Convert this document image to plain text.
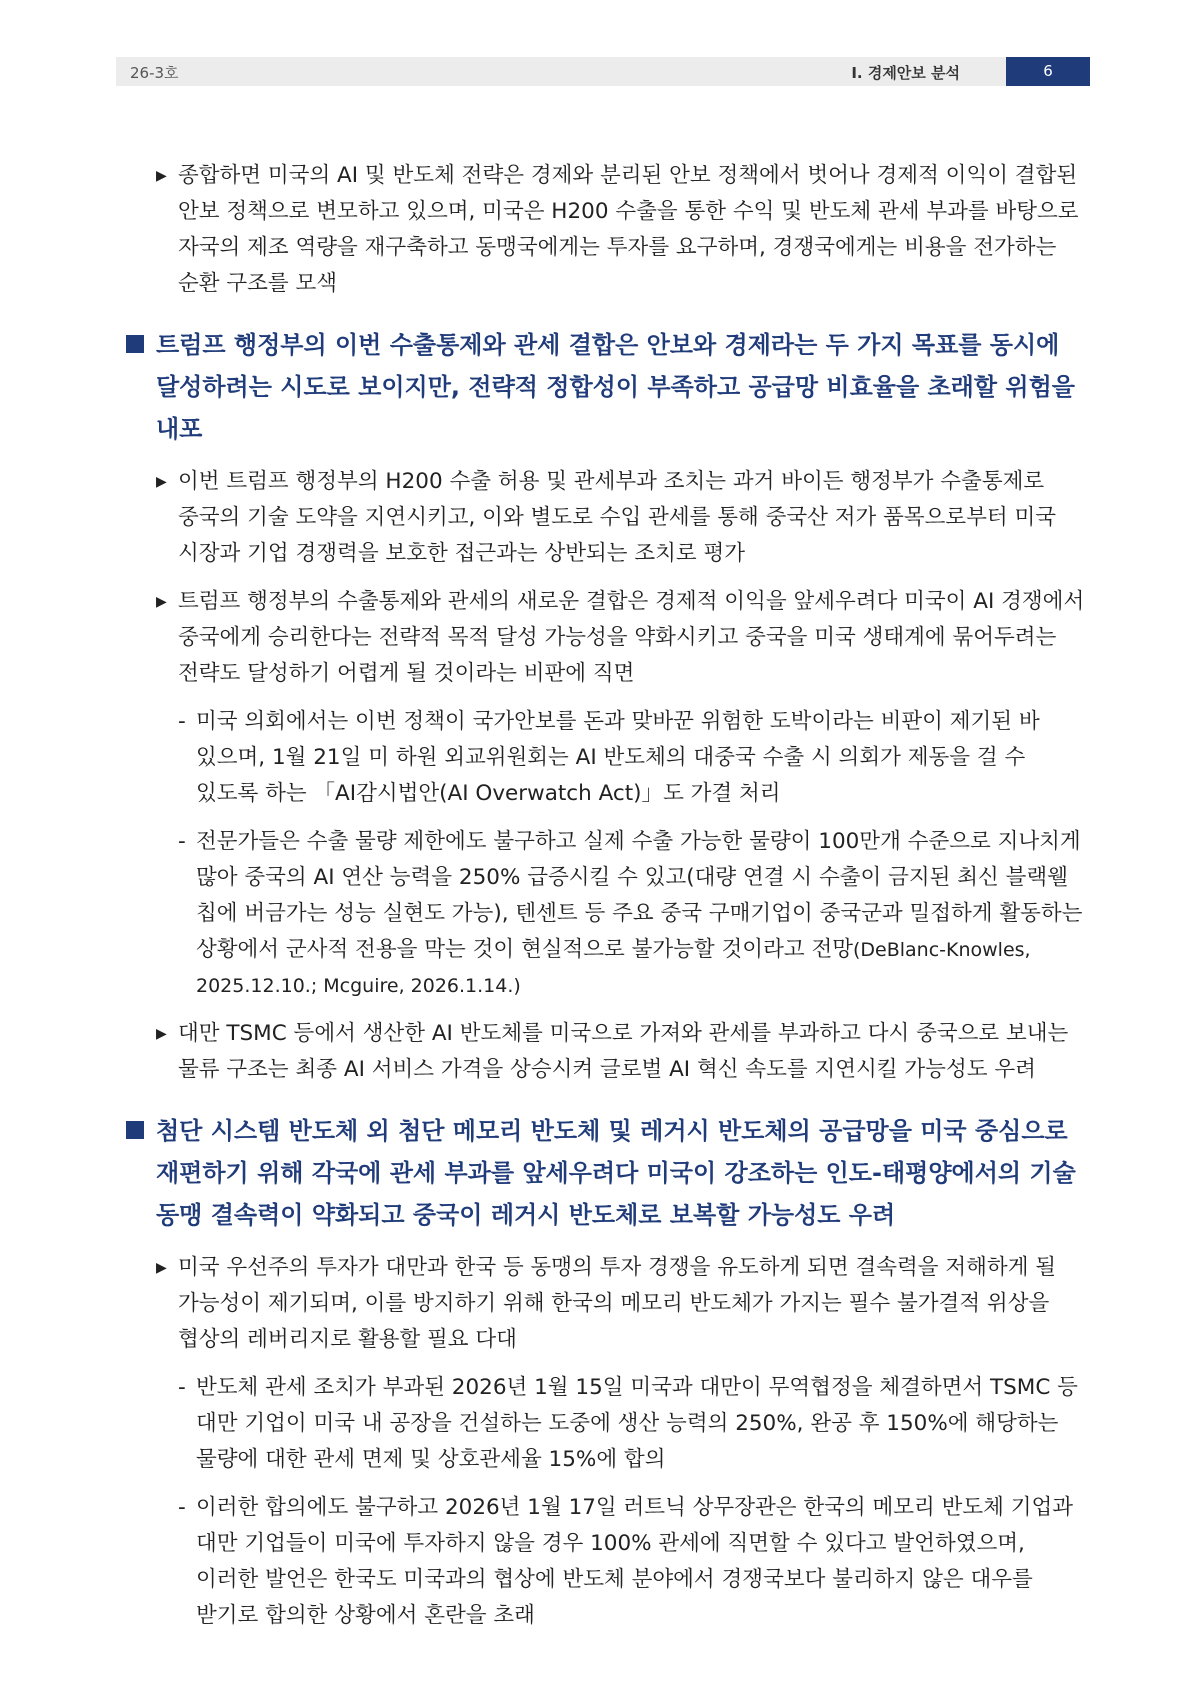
26-3호	Ⅰ. 경제안보 분석	6
▶ 종합하면 미국의 AI 및 반도체 전략은 경제와 분리된 안보 정책에서 벗어나 경제적 이익이 결합된 안보 정책으로 변모하고 있으며, 미국은 H200 수출을 통한 수익 및 반도체 관세 부과를 바탕으로 자국의 제조 역량을 재구축하고 동맹국에게는 투자를 요구하며, 경쟁국에게는 비용을 전가하는 순환 구조를 모색
트럼프 행정부의 이번 수출통제와 관세 결합은 안보와 경제라는 두 가지 목표를 동시에 달성하려는 시도로 보이지만, 전략적 정합성이 부족하고 공급망 비효율을 초래할 위험을 내포
▶ 이번 트럼프 행정부의 H200 수출 허용 및 관세부과 조치는 과거 바이든 행정부가 수출통제로 중국의 기술 도약을 지연시키고, 이와 별도로 수입 관세를 통해 중국산 저가 품목으로부터 미국 시장과 기업 경쟁력을 보호한 접근과는 상반되는 조치로 평가
▶ 트럼프 행정부의 수출통제와 관세의 새로운 결합은 경제적 이익을 앞세우려다 미국이 AI 경쟁에서 중국에게 승리한다는 전략적 목적 달성 가능성을 약화시키고 중국을 미국 생태계에 묶어두려는 전략도 달성하기 어렵게 될 것이라는 비판에 직면
- 미국 의회에서는 이번 정책이 국가안보를 돈과 맞바꾼 위험한 도박이라는 비판이 제기된 바 있으며, 1월 21일 미 하원 외교위원회는 AI 반도체의 대중국 수출 시 의회가 제동을 걸 수 있도록 하는 「AI감시법안(AI Overwatch Act)」도 가결 처리
- 전문가들은 수출 물량 제한에도 불구하고 실제 수출 가능한 물량이 100만개 수준으로 지나치게 많아 중국의 AI 연산 능력을 250% 급증시킬 수 있고(대량 연결 시 수출이 금지된 최신 블랙웰 칩에 버금가는 성능 실현도 가능), 텐센트 등 주요 중국 구매기업이 중국군과 밀접하게 활동하는 상황에서 군사적 전용을 막는 것이 현실적으로 불가능할 것이라고 전망(DeBlanc-Knowles, 2025.12.10.; Mcguire, 2026.1.14.)
▶ 대만 TSMC 등에서 생산한 AI 반도체를 미국으로 가져와 관세를 부과하고 다시 중국으로 보내는 물류 구조는 최종 AI 서비스 가격을 상승시켜 글로벌 AI 혁신 속도를 지연시킬 가능성도 우려
첨단 시스템 반도체 외 첨단 메모리 반도체 및 레거시 반도체의 공급망을 미국 중심으로 재편하기 위해 각국에 관세 부과를 앞세우려다 미국이 강조하는 인도-태평양에서의 기술 동맹 결속력이 약화되고 중국이 레거시 반도체로 보복할 가능성도 우려
▶ 미국 우선주의 투자가 대만과 한국 등 동맹의 투자 경쟁을 유도하게 되면 결속력을 저해하게 될 가능성이 제기되며, 이를 방지하기 위해 한국의 메모리 반도체가 가지는 필수 불가결적 위상을 협상의 레버리지로 활용할 필요 다대
- 반도체 관세 조치가 부과된 2026년 1월 15일 미국과 대만이 무역협정을 체결하면서 TSMC 등 대만 기업이 미국 내 공장을 건설하는 도중에 생산 능력의 250%, 완공 후 150%에 해당하는 물량에 대한 관세 면제 및 상호관세율 15%에 합의
- 이러한 합의에도 불구하고 2026년 1월 17일 러트닉 상무장관은 한국의 메모리 반도체 기업과 대만 기업들이 미국에 투자하지 않을 경우 100% 관세에 직면할 수 있다고 발언하였으며, 이러한 발언은 한국도 미국과의 협상에 반도체 분야에서 경쟁국보다 불리하지 않은 대우를 받기로 합의한 상황에서 혼란을 초래
